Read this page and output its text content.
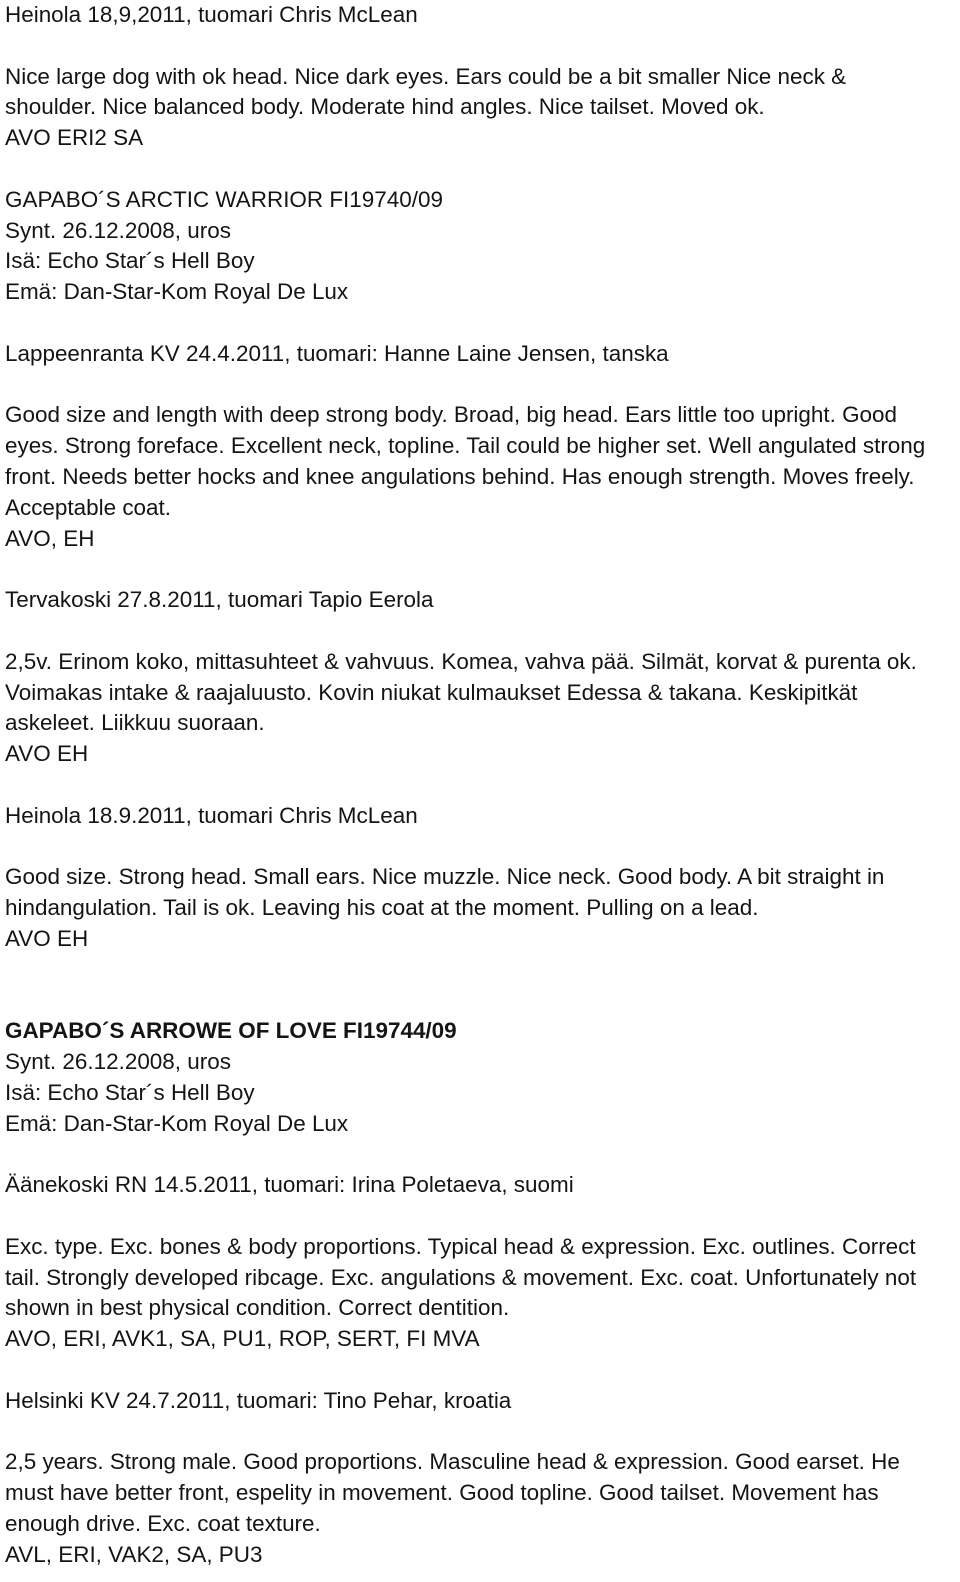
Heinola 18,9,2011, tuomari Chris McLean

Nice large dog with ok head. Nice dark eyes. Ears could be a bit smaller Nice neck &

shoulder. Nice balanced body. Moderate hind angles. Nice tailset. Moved ok.

AVO ERI2 SA

GAPABO´S ARCTIC WARRIOR FI19740/09

Synt. 26.12.2008, uros

Isä: Echo Star´s Hell Boy

Emä: Dan-Star-Kom Royal De Lux

Lappeenranta KV 24.4.2011, tuomari: Hanne Laine Jensen, tanska

Good size and length with deep strong body. Broad, big head. Ears little too upright. Good

eyes. Strong foreface. Excellent neck, topline. Tail could be higher set. Well angulated strong

front. Needs better hocks and knee angulations behind. Has enough strength. Moves freely.

Acceptable coat.

AVO, EH

Tervakoski 27.8.2011, tuomari Tapio Eerola

2,5v. Erinom koko, mittasuhteet & vahvuus. Komea, vahva pää. Silmät, korvat & purenta ok.

Voimakas intake & raajaluusto. Kovin niukat kulmaukset Edessa & takana. Keskipitkät

askeleet. Liikkuu suoraan.

AVO EH

Heinola 18.9.2011, tuomari Chris McLean

Good size. Strong head. Small ears. Nice muzzle. Nice neck. Good body. A bit straight in

hindangulation. Tail is ok. Leaving his coat at the moment. Pulling on a lead.

AVO EH

GAPABO´S ARROWE OF LOVE FI19744/09

Synt. 26.12.2008, uros

Isä: Echo Star´s Hell Boy

Emä: Dan-Star-Kom Royal De Lux

Äänekoski RN 14.5.2011, tuomari: Irina Poletaeva, suomi

Exc. type. Exc. bones & body proportions. Typical head & expression. Exc. outlines. Correct

tail. Strongly developed ribcage. Exc. angulations & movement. Exc. coat. Unfortunately not

shown in best physical condition. Correct dentition.

AVO, ERI, AVK1, SA, PU1, ROP, SERT, FI MVA

Helsinki KV 24.7.2011, tuomari: Tino Pehar, kroatia

2,5 years. Strong male. Good proportions. Masculine head & expression. Good earset. He

must have better front, espelity in movement. Good topline. Good tailset. Movement has

enough drive. Exc. coat texture.

AVL, ERI, VAK2, SA, PU3
